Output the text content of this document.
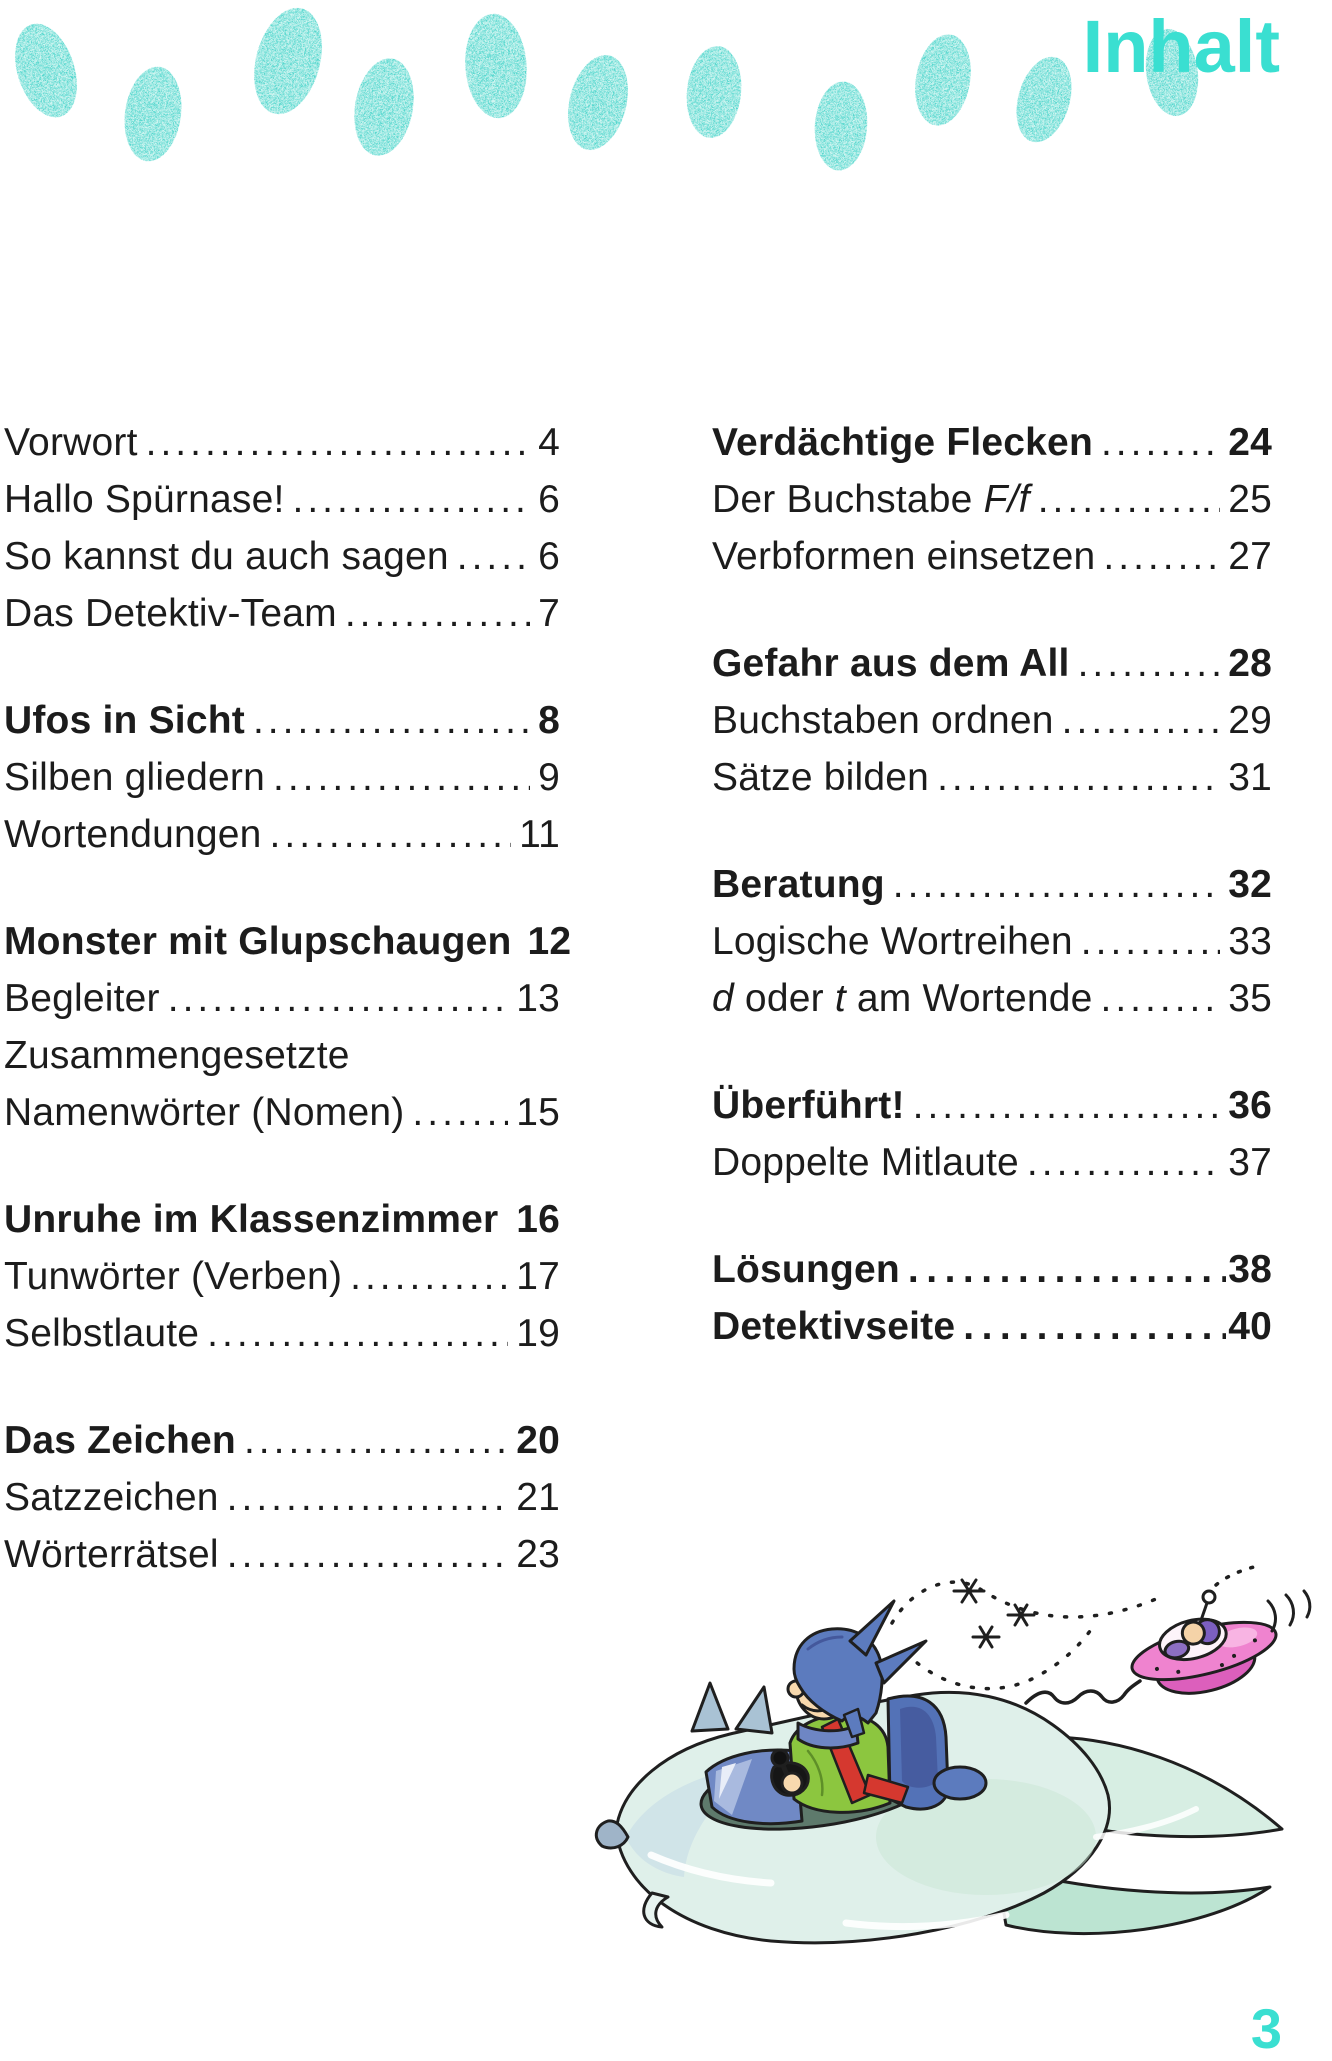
Inhalt
Vorwort .....	4
Hallo Spürnase! .....	6
So kannst du auch sagen ..... 6
Das Detektiv-Team .....	7
Ufos in Sicht .....	8
Silben gliedern .....	9
Wortendungen .....	11
Monster mit Glupschaugen 12
Begleiter .....	13
Zusammengesetzte
Namenwörter (Nomen) .....	15
Unruhe im Klassenzimmer ..... 16
Tunwörter (Verben) .....	17
Selbstlaute .....	19
Das Zeichen .....	20
Satzzeichen .....	21
Wörterrätsel .....	23
Verdächtige Flecken .....	24
Der Buchstabe F/f .....	25
Verbformen einsetzen .....	27
Gefahr aus dem All .....	28
Buchstaben ordnen .....	29
Sätze bilden .....	31
Beratung .....	32
Logische Wortreihen .....	33
d oder t am Wortende .....	35
Überführt! .....	36
Doppelte Mitlaute .....	37
Lösungen .....	38
Detektivseite .....	40
3
